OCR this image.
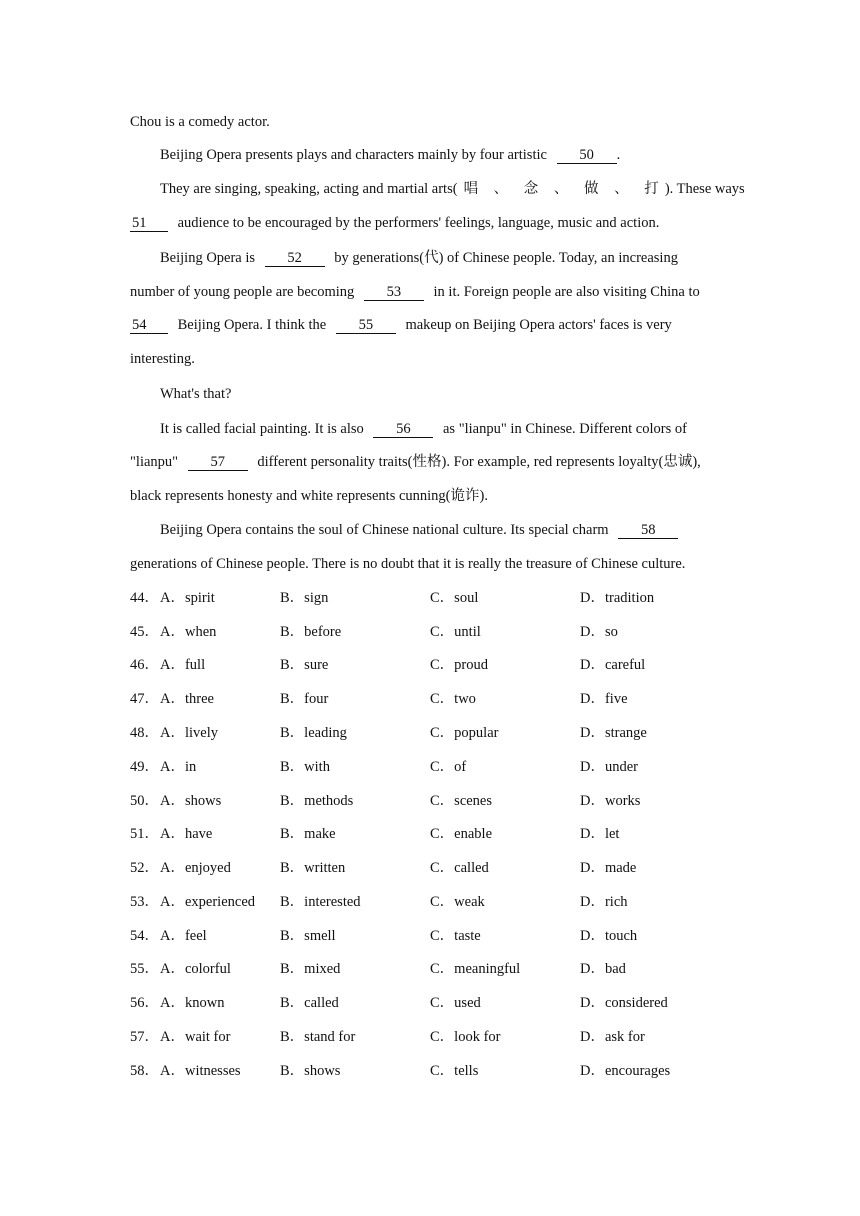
Chou is a comedy actor.
Beijing Opera presents plays and characters mainly by four artistic 50 .
They are singing, speaking, acting and martial arts( 唱 、 念 、 做 、 打). These ways
51 audience to be encouraged by the performers' feelings, language, music and action.
Beijing Opera is 52 by generations(代) of Chinese people. Today, an increasing
number of young people are becoming 53 in it. Foreign people are also visiting China to
54 Beijing Opera. I think the 55 makeup on Beijing Opera actors' faces is very
interesting.
What's that?
It is called facial painting. It is also 56 as "lianpu" in Chinese. Different colors of
"lianpu" 57 different personality traits(性格). For example, red represents loyalty(忠诚),
black represents honesty and white represents cunning(诡诈).
Beijing Opera contains the soul of Chinese national culture. Its special charm 58
generations of Chinese people. There is no doubt that it is really the treasure of Chinese culture.
44． A．spirit	B．sign	C．soul	D．tradition
45． A．when	B．before	C．until	D．so
46． A．full	B．sure	C．proud	D．careful
47． A．three	B．four	C．two	D．five
48． A．lively	B．leading	C．popular	D．strange
49． A．in	B．with	C．of	D．under
50． A．shows	B．methods	C．scenes	D．works
51． A．have	B．make	C．enable	D．let
52． A．enjoyed	B．written	C．called	D．made
53． A．experienced B．interested	C．weak	D．rich
54． A．feel	B．smell	C．taste	D．touch
55． A．colorful	B．mixed	C．meaningful	D．bad
56． A．known	B．called	C．used	D．considered
57． A．wait for	B．stand for	C．look for	D．ask for
58． A．witnesses	B．shows	C．tells	D．encourages
